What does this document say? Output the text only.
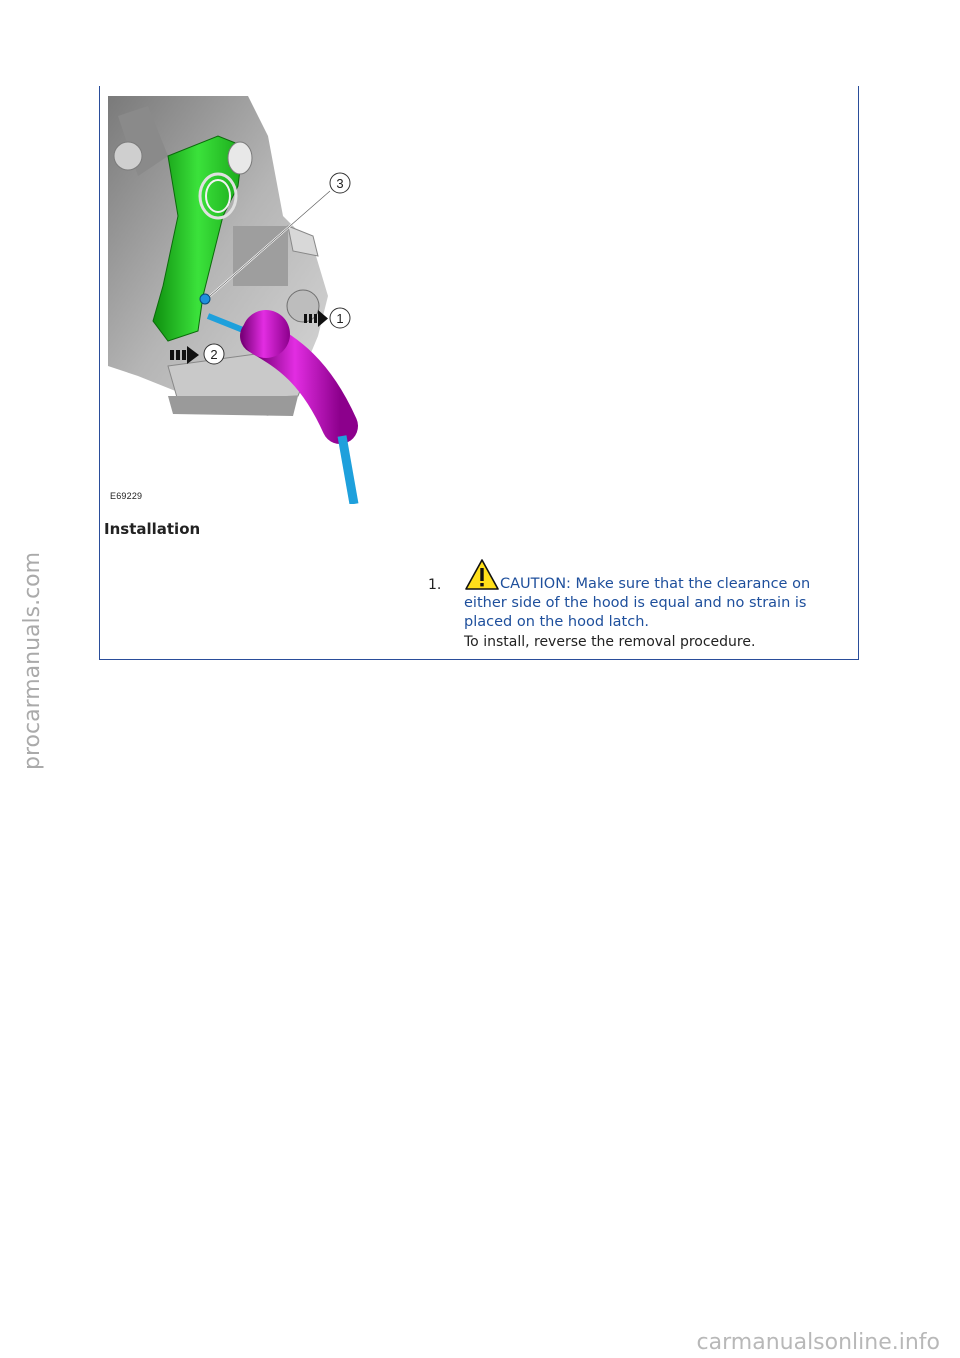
3
1
2
E69229
Installation
1.	CAUTION: Make sure that the clearance on either side of the hood is equal and no strain is placed on the hood latch.
To install, reverse the removal procedure.
procarmanuals.com
carmanualsonline.info
